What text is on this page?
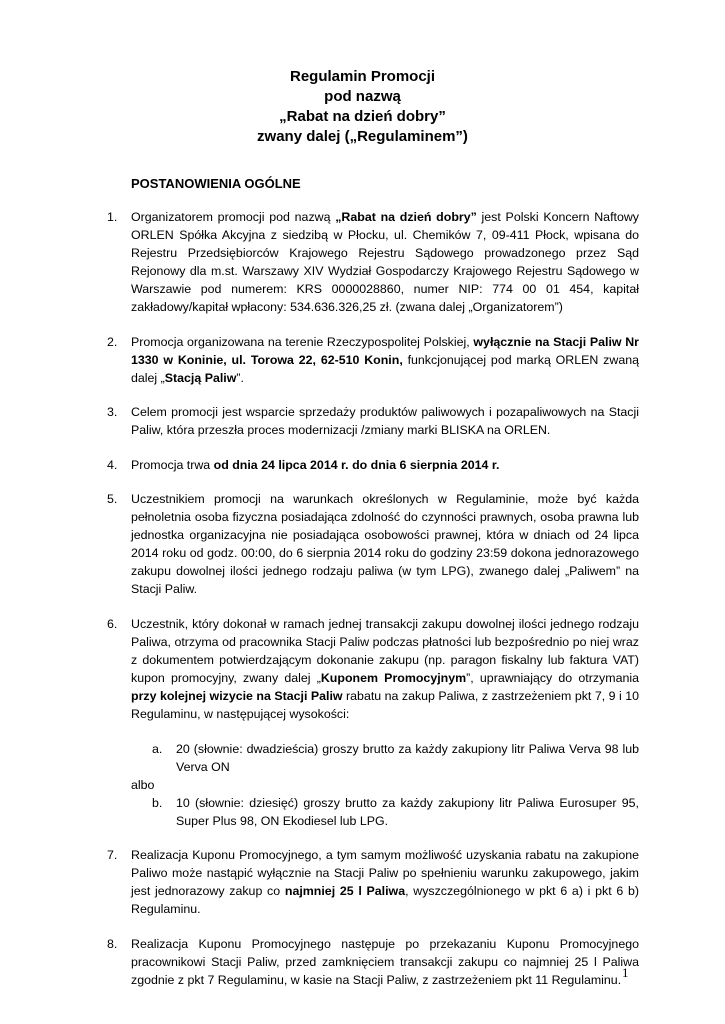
Regulamin Promocji
pod nazwą
„Rabat na dzień dobry”
zwany dalej („Regulaminem”)
POSTANOWIENIA OGÓLNE
1. Organizatorem promocji pod nazwą „Rabat na dzień dobry” jest Polski Koncern Naftowy ORLEN Spółka Akcyjna z siedzibą w Płocku, ul. Chemików 7, 09-411 Płock, wpisana do Rejestru Przedsiębiorców Krajowego Rejestru Sądowego prowadzonego przez Sąd Rejonowy dla m.st. Warszawy XIV Wydział Gospodarczy Krajowego Rejestru Sądowego w Warszawie pod numerem: KRS 0000028860, numer NIP: 774 00 01 454, kapitał zakładowy/kapitał wpłacony: 534.636.326,25 zł. (zwana dalej „Organizatorem”)

2. Promocja organizowana na terenie Rzeczypospolitej Polskiej, wyłącznie na Stacji Paliw Nr 1330 w Koninie, ul. Torowa 22, 62-510 Konin, funkcjonującej pod marką ORLEN zwaną dalej „Stacją Paliw”.

3. Celem promocji jest wsparcie sprzedaży produktów paliwowych i pozapaliwowych na Stacji Paliw, która przeszła proces modernizacji /zmiany marki BLISKA na ORLEN.

4. Promocja trwa od dnia 24 lipca 2014 r. do dnia 6 sierpnia 2014 r.

5. Uczestnikiem promocji na warunkach określonych w Regulaminie, może być każda pełnoletnia osoba fizyczna posiadająca zdolność do czynności prawnych, osoba prawna lub jednostka organizacyjna nie posiadająca osobowości prawnej, która w dniach od 24 lipca 2014 roku od godz. 00:00, do 6 sierpnia 2014 roku do godziny 23:59 dokona jednorazowego zakupu dowolnej ilości jednego rodzaju paliwa (w tym LPG), zwanego dalej „Paliwem” na Stacji Paliw.

6. Uczestnik, który dokonał w ramach jednej transakcji zakupu dowolnej ilości jednego rodzaju Paliwa, otrzyma od pracownika Stacji Paliw podczas płatności lub bezpośrednio po niej wraz z dokumentem potwierdzającym dokonanie zakupu (np. paragon fiskalny lub faktura VAT) kupon promocyjny, zwany dalej „Kuponem Promocyjnym”, uprawniający do otrzymania przy kolejnej wizycie na Stacji Paliw rabatu na zakup Paliwa, z zastrzeżeniem pkt 7, 9 i 10 Regulaminu, w następującej wysokości:

a. 20 (słownie: dwadzieścia) groszy brutto za każdy zakupiony litr Paliwa Verva 98 lub Verva ON

albo

b. 10 (słownie: dziesięć) groszy brutto za każdy zakupiony litr Paliwa Eurosuper 95, Super Plus 98, ON Ekodiesel lub LPG.

7. Realizacja Kuponu Promocyjnego, a tym samym możliwość uzyskania rabatu na zakupione Paliwo może nastąpić wyłącznie na Stacji Paliw po spełnieniu warunku zakupowego, jakim jest jednorazowy zakup co najmniej 25 l Paliwa, wyszczególnionego w pkt 6 a) i pkt 6 b) Regulaminu.

8. Realizacja Kuponu Promocyjnego następuje po przekazaniu Kuponu Promocyjnego pracownikowi Stacji Paliw, przed zamknięciem transakcji zakupu co najmniej 25 l Paliwa zgodnie z pkt 7 Regulaminu, w kasie na Stacji Paliw, z zastrzeżeniem pkt 11 Regulaminu. 1
